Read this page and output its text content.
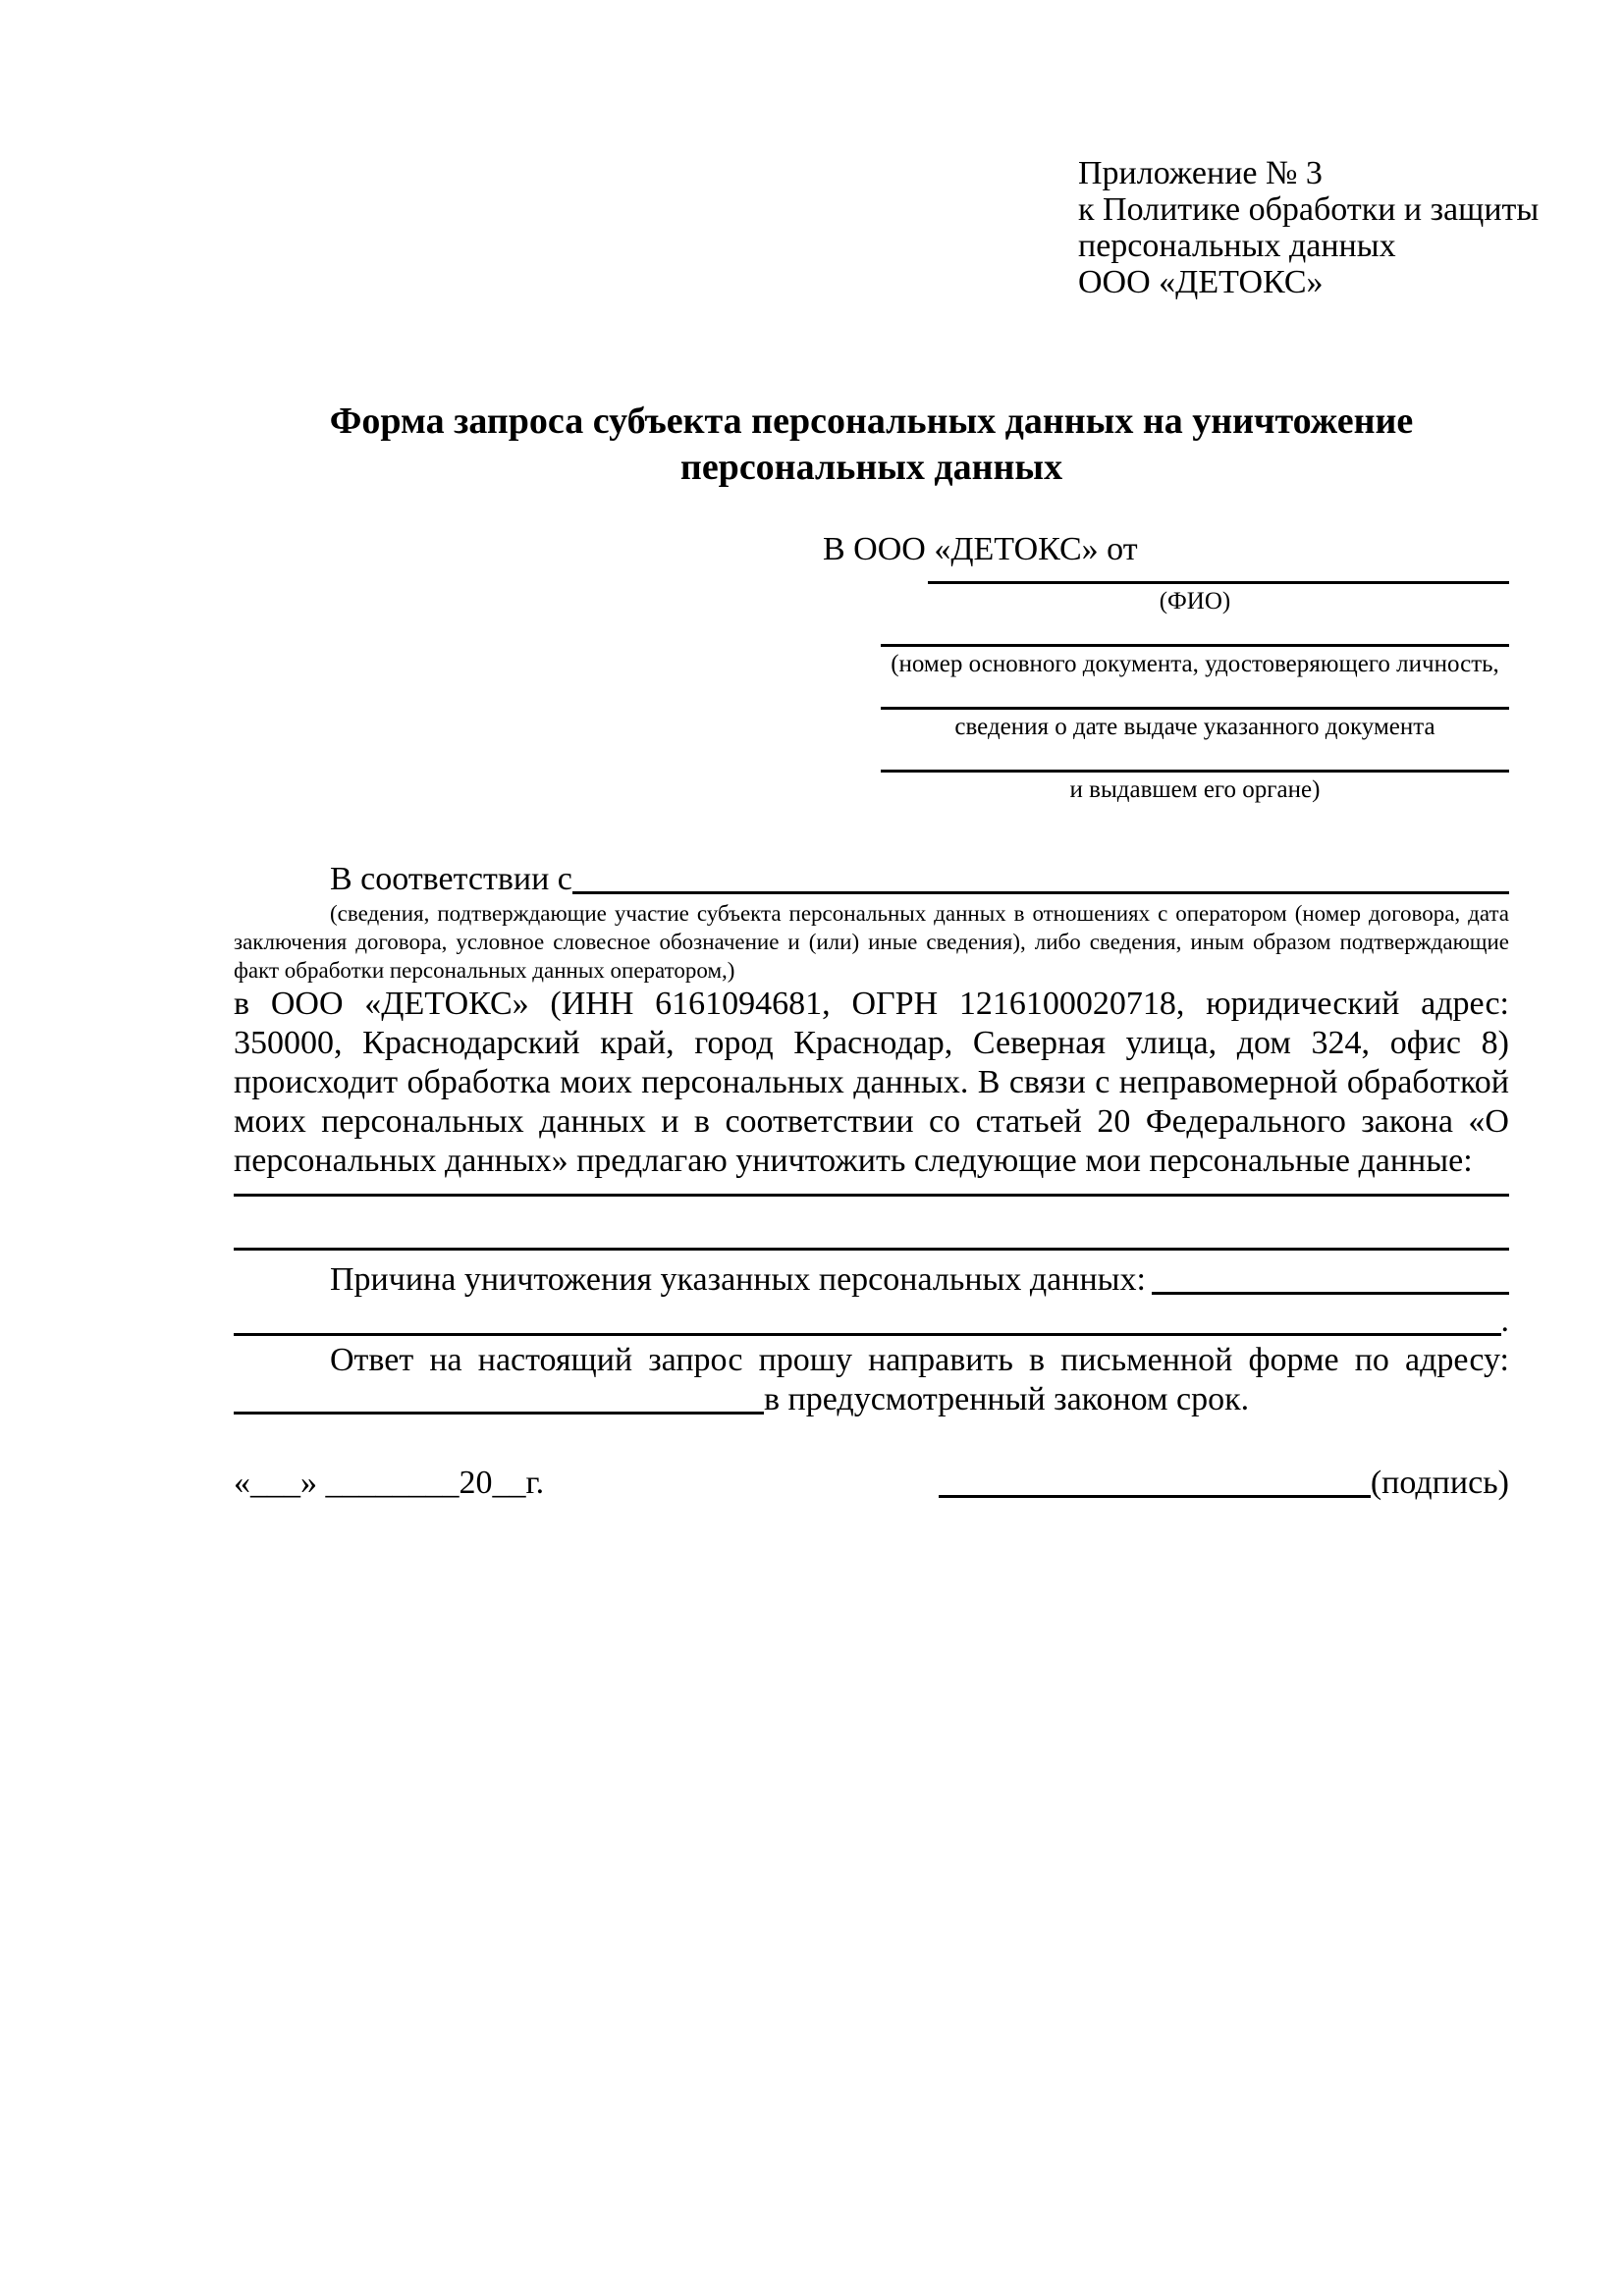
Приложение № 3
к Политике обработки и защиты
персональных данных
ООО «ДЕТОКС»
Форма запроса субъекта персональных данных на уничтожение персональных данных
В ООО «ДЕТОКС» от
(ФИО)
(номер основного документа, удостоверяющего личность,
сведения о дате выдаче указанного документа
и выдавшем его органе)
В соответствии с
(сведения, подтверждающие участие субъекта персональных данных в отношениях с оператором (номер договора, дата заключения договора, условное словесное обозначение и (или) иные сведения), либо сведения, иным образом подтверждающие факт обработки персональных данных оператором,)
в ООО «ДЕТОКС» (ИНН 6161094681, ОГРН 1216100020718, юридический адрес: 350000, Краснодарский край, город Краснодар, Северная улица, дом 324, офис 8) происходит обработка моих персональных данных. В связи с неправомерной обработкой моих персональных данных и в соответствии со статьей 20 Федерального закона «О персональных данных» предлагаю уничтожить следующие мои персональные данные:
Причина уничтожения указанных персональных данных:
.
Ответ на настоящий запрос прошу направить в письменной форме по адресу:
в предусмотренный законом срок.
«___» ________20__г.	(подпись)
